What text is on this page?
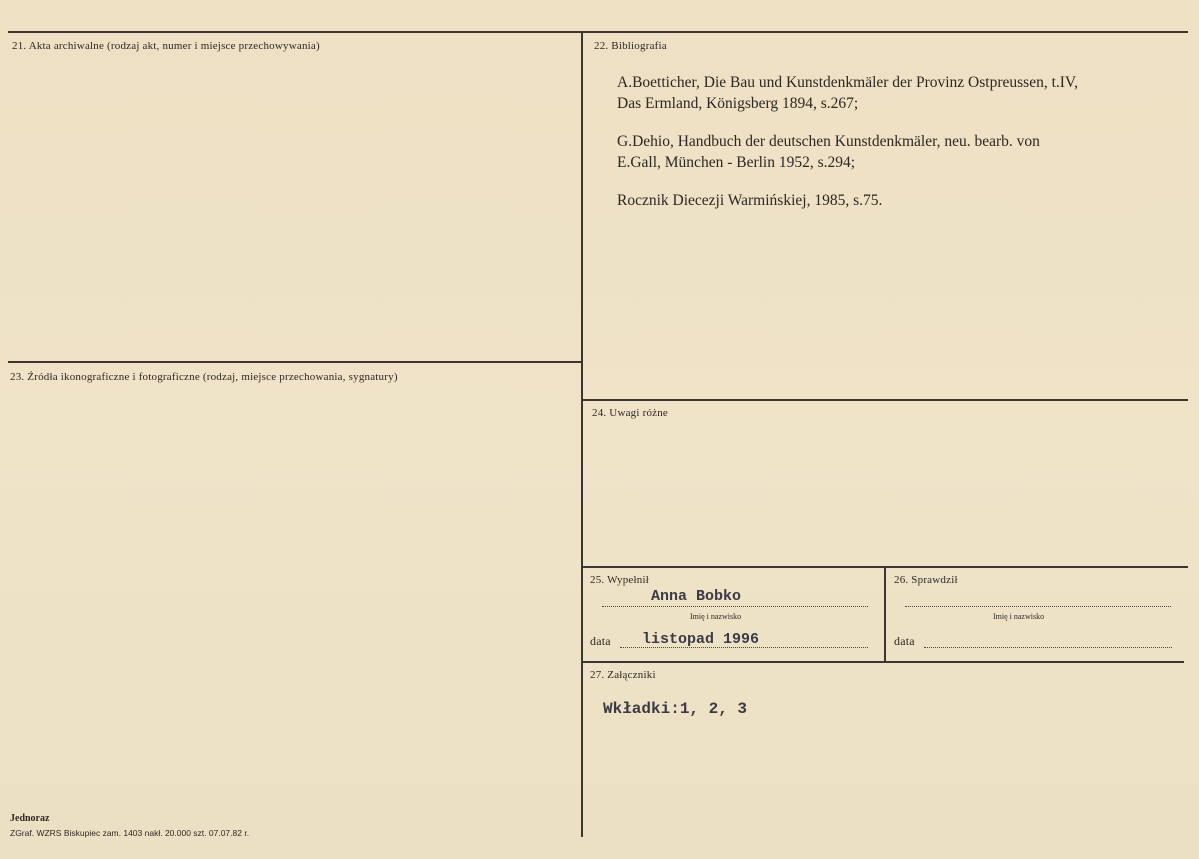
21. Akta archiwalne (rodzaj akt, numer i miejsce przechowywania)	22. Bibliografia
23. Źródła ikonograficzne i fotograficzne (rodzaj, miejsce przechowania, sygnatury)
24. Uwagi różne
25. Wypełnił	26. Sprawdził
27. Załączniki
A.Boetticher, Die Bau und Kunstdenkmäler der Provinz Ostpreussen, t.IV,
Das Ermland, Königsberg 1894, s.267;
G.Dehio, Handbuch der deutschen Kunstdenkmäler, neu. bearb. von
E.Gall, München - Berlin 1952, s.294;
Rocznik Diecezji Warmińskiej, 1985, s.75.
Anna Bobko
Imię i nazwisko
data listopad 1996
Imię i nazwisko
data
Wkładki:1, 2, 3
Jednoraz
ZGraf. WZRS Biskupiec zam. 1403 nakł. 20.000 szt. 07.07.82 r.
